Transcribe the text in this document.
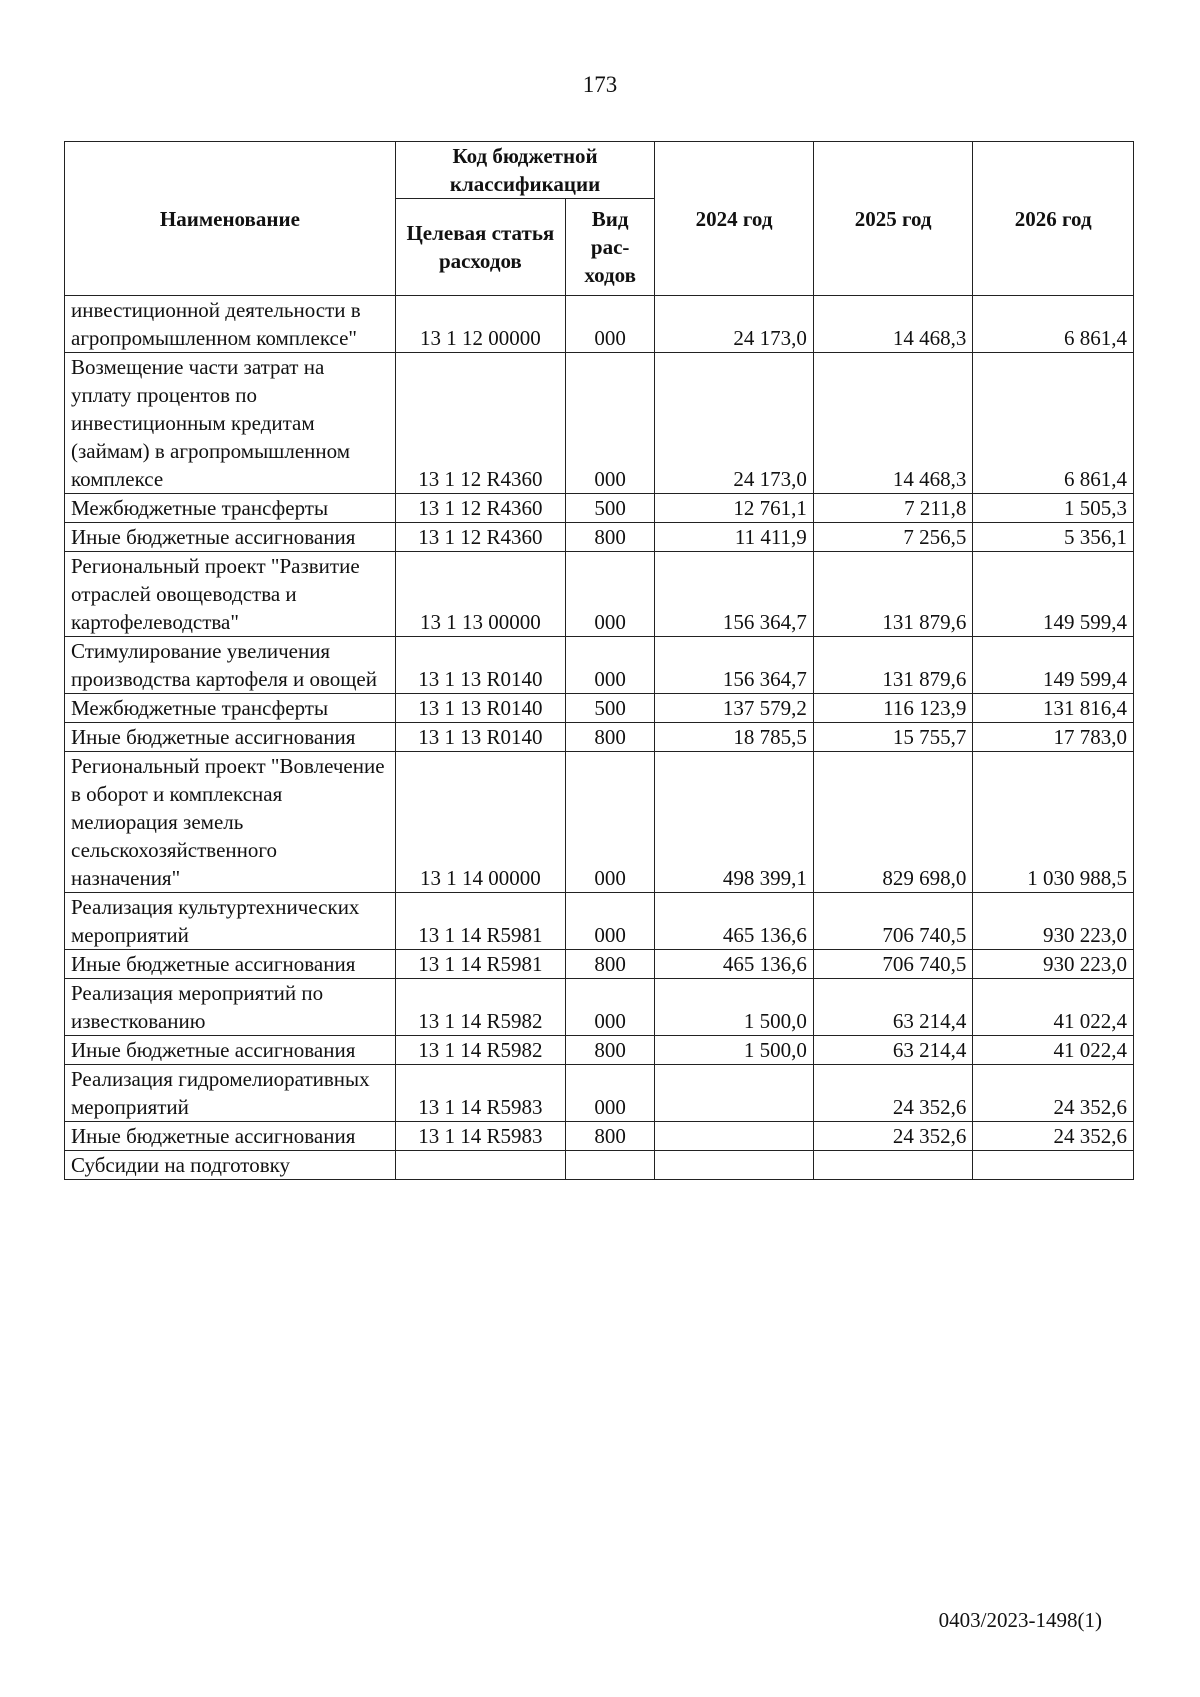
173
Наименование	Код бюджетной классификации		2024 год	2025 год	2026 год
	Целевая статья расходов	Вид рас-ходов			
инвестиционной деятельности в агропромышленном комплексе"	13 1 12 00000	000	24 173,0	14 468,3	6 861,4
Возмещение части затрат на уплату процентов по инвестиционным кредитам (займам) в агропромышленном комплексе	13 1 12 R4360	000	24 173,0	14 468,3	6 861,4
Межбюджетные трансферты	13 1 12 R4360	500	12 761,1	7 211,8	1 505,3
Иные бюджетные ассигнования	13 1 12 R4360	800	11 411,9	7 256,5	5 356,1
Региональный проект "Развитие отраслей овощеводства и картофелеводства"	13 1 13 00000	000	156 364,7	131 879,6	149 599,4
Стимулирование увеличения производства картофеля и овощей	13 1 13 R0140	000	156 364,7	131 879,6	149 599,4
Межбюджетные трансферты	13 1 13 R0140	500	137 579,2	116 123,9	131 816,4
Иные бюджетные ассигнования	13 1 13 R0140	800	18 785,5	15 755,7	17 783,0
Региональный проект "Вовлечение в оборот и комплексная мелиорация земель сельскохозяйственного назначения"	13 1 14 00000	000	498 399,1	829 698,0	1 030 988,5
Реализация культуртехнических мероприятий	13 1 14 R5981	000	465 136,6	706 740,5	930 223,0
Иные бюджетные ассигнования	13 1 14 R5981	800	465 136,6	706 740,5	930 223,0
Реализация мероприятий по известкованию	13 1 14 R5982	000	1 500,0	63 214,4	41 022,4
Иные бюджетные ассигнования	13 1 14 R5982	800	1 500,0	63 214,4	41 022,4
Реализация гидромелиоративных мероприятий	13 1 14 R5983	000		24 352,6	24 352,6
Иные бюджетные ассигнования	13 1 14 R5983	800		24 352,6	24 352,6
Субсидии на подготовку					
0403/2023-1498(1)
